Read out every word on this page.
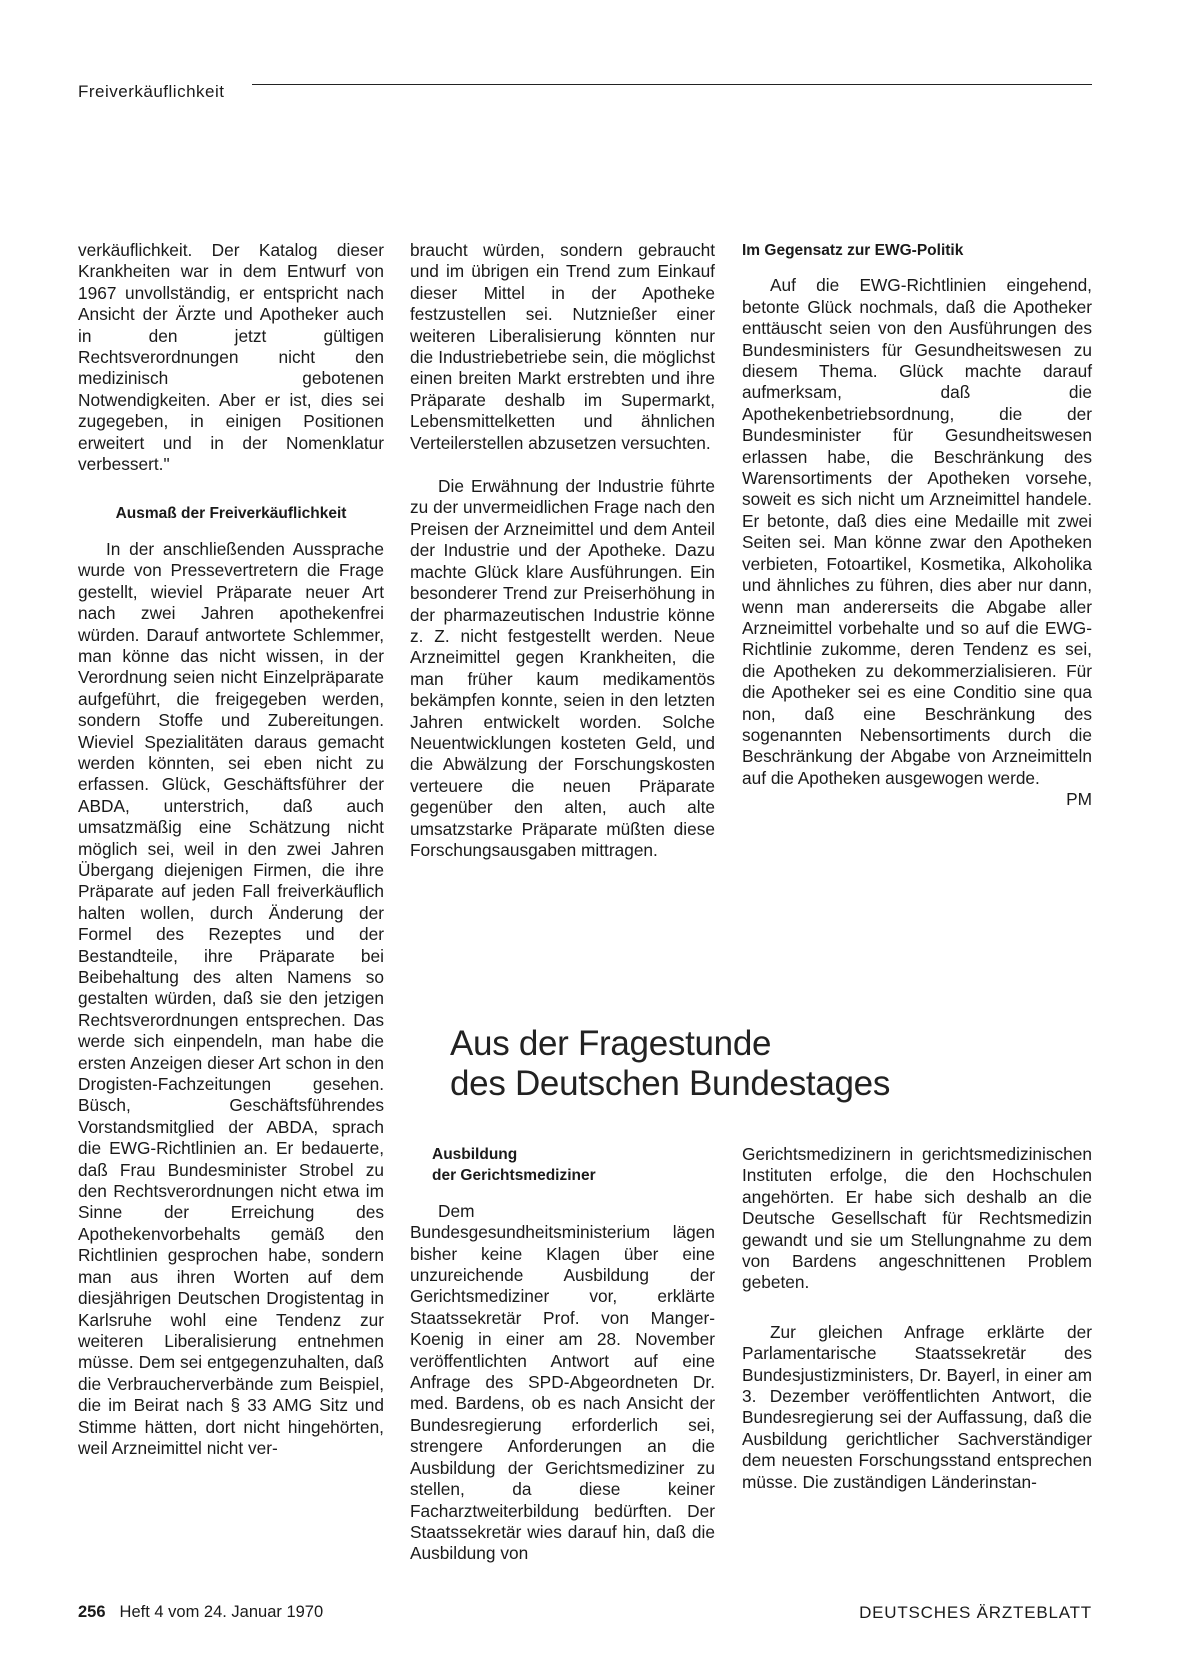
Freiverkäuflichkeit

verkäuflichkeit. Der Katalog dieser Krankheiten war in dem Entwurf von 1967 unvollständig, er entspricht nach Ansicht der Ärzte und Apotheker auch in den jetzt gültigen Rechtsverordnungen nicht den medizinisch gebotenen Notwendigkeiten. Aber er ist, dies sei zugegeben, in einigen Positionen erweitert und in der Nomenklatur verbessert."

Ausmaß der Freiverkäuflichkeit

In der anschließenden Aussprache wurde von Pressevertretern die Frage gestellt, wieviel Präparate neuer Art nach zwei Jahren apothekenfrei würden. Darauf antwortete Schlemmer, man könne das nicht wissen, in der Verordnung seien nicht Einzelpräparate aufgeführt, die freigegeben werden, sondern Stoffe und Zubereitungen. Wieviel Spezialitäten daraus gemacht werden könnten, sei eben nicht zu erfassen. Glück, Geschäftsführer der ABDA, unterstrich, daß auch umsatzmäßig eine Schätzung nicht möglich sei, weil in den zwei Jahren Übergang diejenigen Firmen, die ihre Präparate auf jeden Fall freiverkäuflich halten wollen, durch Änderung der Formel des Rezeptes und der Bestandteile, ihre Präparate bei Beibehaltung des alten Namens so gestalten würden, daß sie den jetzigen Rechtsverordnungen entsprechen. Das werde sich einpendeln, man habe die ersten Anzeigen dieser Art schon in den Drogisten-Fachzeitungen gesehen. Büsch, Geschäftsführendes Vorstandsmitglied der ABDA, sprach die EWG-Richtlinien an. Er bedauerte, daß Frau Bundesminister Strobel zu den Rechtsverordnungen nicht etwa im Sinne der Erreichung des Apothekenvorbehalts gemäß den Richtlinien gesprochen habe, sondern man aus ihren Worten auf dem diesjährigen Deutschen Drogistentag in Karlsruhe wohl eine Tendenz zur weiteren Liberalisierung entnehmen müsse. Dem sei entgegenzuhalten, daß die Verbraucherverbände zum Beispiel, die im Beirat nach § 33 AMG Sitz und Stimme hätten, dort nicht hingehörten, weil Arzneimittel nicht ver-

braucht würden, sondern gebraucht und im übrigen ein Trend zum Einkauf dieser Mittel in der Apotheke festzustellen sei. Nutznießer einer weiteren Liberalisierung könnten nur die Industriebetriebe sein, die möglichst einen breiten Markt erstrebten und ihre Präparate deshalb im Supermarkt, Lebensmittelketten und ähnlichen Verteilerstellen abzusetzen versuchten.

Die Erwähnung der Industrie führte zu der unvermeidlichen Frage nach den Preisen der Arzneimittel und dem Anteil der Industrie und der Apotheke. Dazu machte Glück klare Ausführungen. Ein besonderer Trend zur Preiserhöhung in der pharmazeutischen Industrie könne z. Z. nicht festgestellt werden. Neue Arzneimittel gegen Krankheiten, die man früher kaum medikamentös bekämpfen konnte, seien in den letzten Jahren entwickelt worden. Solche Neuentwicklungen kosteten Geld, und die Abwälzung der Forschungskosten verteuere die neuen Präparate gegenüber den alten, auch alte umsatzstarke Präparate müßten diese Forschungsausgaben mittragen.

Im Gegensatz zur EWG-Politik

Auf die EWG-Richtlinien eingehend, betonte Glück nochmals, daß die Apotheker enttäuscht seien von den Ausführungen des Bundesministers für Gesundheitswesen zu diesem Thema. Glück machte darauf aufmerksam, daß die Apothekenbetriebsordnung, die der Bundesminister für Gesundheitswesen erlassen habe, die Beschränkung des Warensortiments der Apotheken vorsehe, soweit es sich nicht um Arzneimittel handele. Er betonte, daß dies eine Medaille mit zwei Seiten sei. Man könne zwar den Apotheken verbieten, Fotoartikel, Kosmetika, Alkoholika und ähnliches zu führen, dies aber nur dann, wenn man andererseits die Abgabe aller Arzneimittel vorbehalte und so auf die EWG-Richtlinie zukomme, deren Tendenz es sei, die Apotheken zu dekommerzialisieren. Für die Apotheker sei es eine Conditio sine qua non, daß eine Beschränkung des sogenannten Nebensortiments durch die Beschränkung der Abgabe von Arzneimitteln auf die Apotheken ausgewogen werde.
PM

Aus der Fragestunde
des Deutschen Bundestages
Ausbildung
der Gerichtsmediziner

Dem Bundesgesundheitsministerium lägen bisher keine Klagen über eine unzureichende Ausbildung der Gerichtsmediziner vor, erklärte Staatssekretär Prof. von Manger-Koenig in einer am 28. November veröffentlichten Antwort auf eine Anfrage des SPD-Abgeordneten Dr. med. Bardens, ob es nach Ansicht der Bundesregierung erforderlich sei, strengere Anforderungen an die Ausbildung der Gerichtsmediziner zu stellen, da diese keiner Facharztweiterbildung bedürften. Der Staatssekretär wies darauf hin, daß die Ausbildung von

Gerichtsmedizinern in gerichtsmedizinischen Instituten erfolge, die den Hochschulen angehörten. Er habe sich deshalb an die Deutsche Gesellschaft für Rechtsmedizin gewandt und sie um Stellungnahme zu dem von Bardens angeschnittenen Problem gebeten.

Zur gleichen Anfrage erklärte der Parlamentarische Staatssekretär des Bundesjustizministers, Dr. Bayerl, in einer am 3. Dezember veröffentlichten Antwort, die Bundesregierung sei der Auffassung, daß die Ausbildung gerichtlicher Sachverständiger dem neuesten Forschungsstand entsprechen müsse. Die zuständigen Länderinstan-

256 Heft 4 vom 24. Januar 1970	DEUTSCHES ÄRZTEBLATT
